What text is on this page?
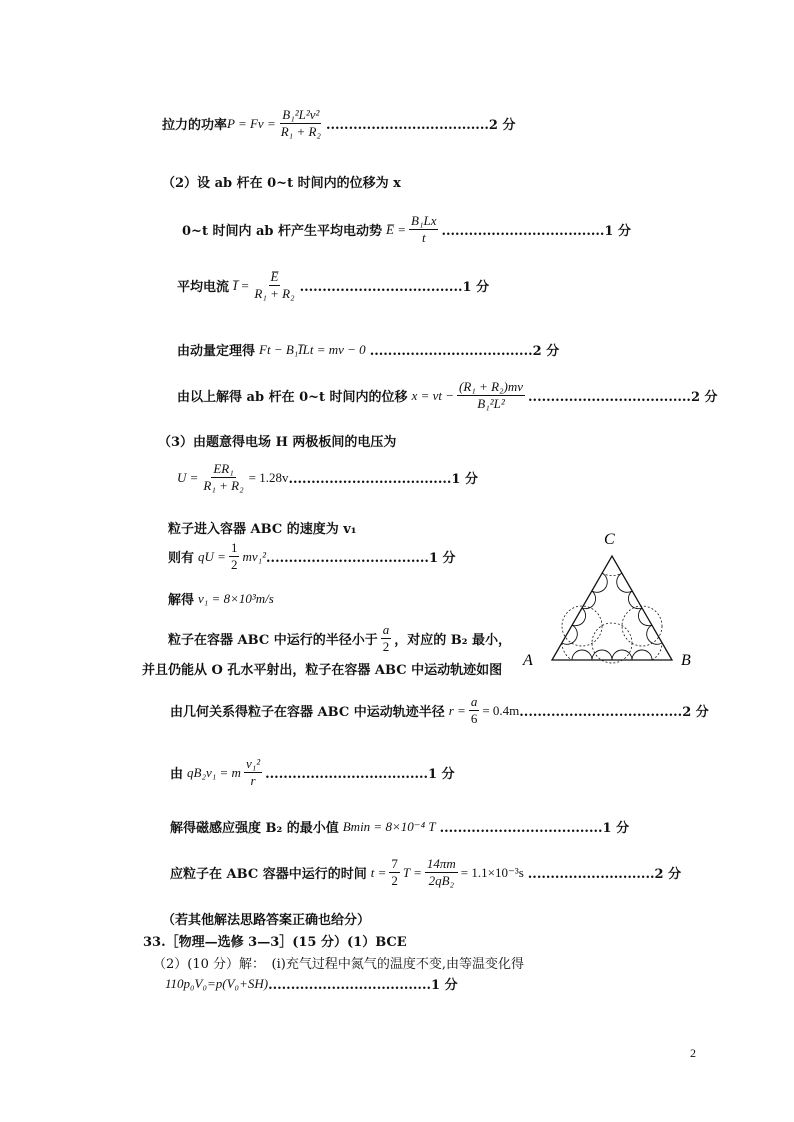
拉力的功率 $P = Fv = \frac{\text{B₁²L²v²}}{\text{R₁ + R₂}} ....................................2$ 分
（2）设 ab 杆在 0~t 时间内的位移为 x
0~t 时间内 ab 杆产生平均电动势 E̅ = $\frac{\text{B₁Lx}}{t} ....................................1$ 分
平均电流 I̅ = $\frac{E̅}{\text{R₁ + R₂}} ....................................1$ 分
由动量定理得 Ft − B₁I̅Lt = mv − 0 ....................................2 分
由以上解得 ab 杆在 0~t 时间内的位移 x = vt − $\frac{\text{(R₁ + R₂)mv}}{\text{B₁²L²}} ....................................2$ 分
（3）由题意得电场 H 两极板间的电压为
$U = \frac{\text{ER₁}}{\text{R₁ + R₂}} = 1.28v$ ....................................1 分
粒子进入容器 ABC 的速度为 v₁
则有 qU = $\frac{1}{2} mv_1^2$ ....................................1 分
解得 v₁ = 8×10³m/s
粒子在容器 ABC 中运行的半径小于 $\frac{a}{2}$ ，对应的 B₂ 最小，
并且仍能从 O 孔水平射出，粒子在容器 ABC 中运动轨迹如图
A	B
C
由几何关系得粒子在容器 ABC 中运动轨迹半径 $r = \frac{a}{6} = 0.4m$ ....................................2 分
由 qB₂v₁ = m $\frac{\text{v₁²}}{r} ....................................1$ 分
解得磁感应强度 B₂ 的最小值 Bmin = 8×10⁻⁴ T ....................................1 分
应粒子在 ABC 容器中运行的时间 $t = \frac{7}{2}$ $T = \frac{14\pi m}{\text{2qB₂}} = 1.1\times 10^{-3}s$ ............................2 分
（若其他解法思路答案正确也给分）
33.［物理—选修 3—3］(15 分）(1）BCE
（2）(10 分）解：　(i)充气过程中氮气的温度不变,由等温变化得
110p₀V₀=p(V₀+SH) ....................................1 分
2
